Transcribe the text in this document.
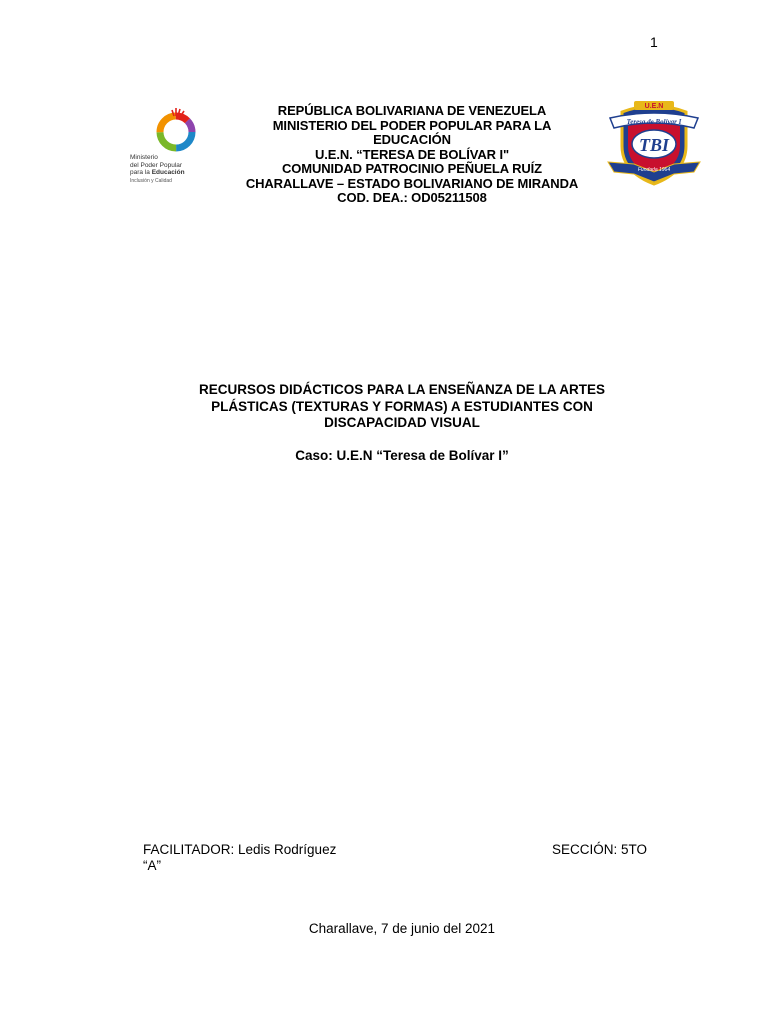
1
Ministerio
del Poder Popular
para la Educación
Inclusión y Calidad
REPÚBLICA BOLIVARIANA DE VENEZUELA
MINISTERIO DEL PODER POPULAR PARA LA
EDUCACIÓN
U.E.N. “TERESA DE BOLÍVAR I"
COMUNIDAD PATROCINIO PEÑUELA RUÍZ
CHARALLAVE – ESTADO BOLIVARIANO DE MIRANDA
COD. DEA.: OD05211508
U.E.N
Teresa de Bolívar I
TBI
Fundada 1964
RECURSOS DIDÁCTICOS PARA LA ENSEÑANZA DE LA ARTES
PLÁSTICAS (TEXTURAS Y FORMAS) A ESTUDIANTES CON
DISCAPACIDAD VISUAL
Caso: U.E.N “Teresa de Bolívar I”
FACILITADOR: Ledis Rodríguez
“A”
SECCIÓN: 5TO
Charallave, 7 de junio del 2021
